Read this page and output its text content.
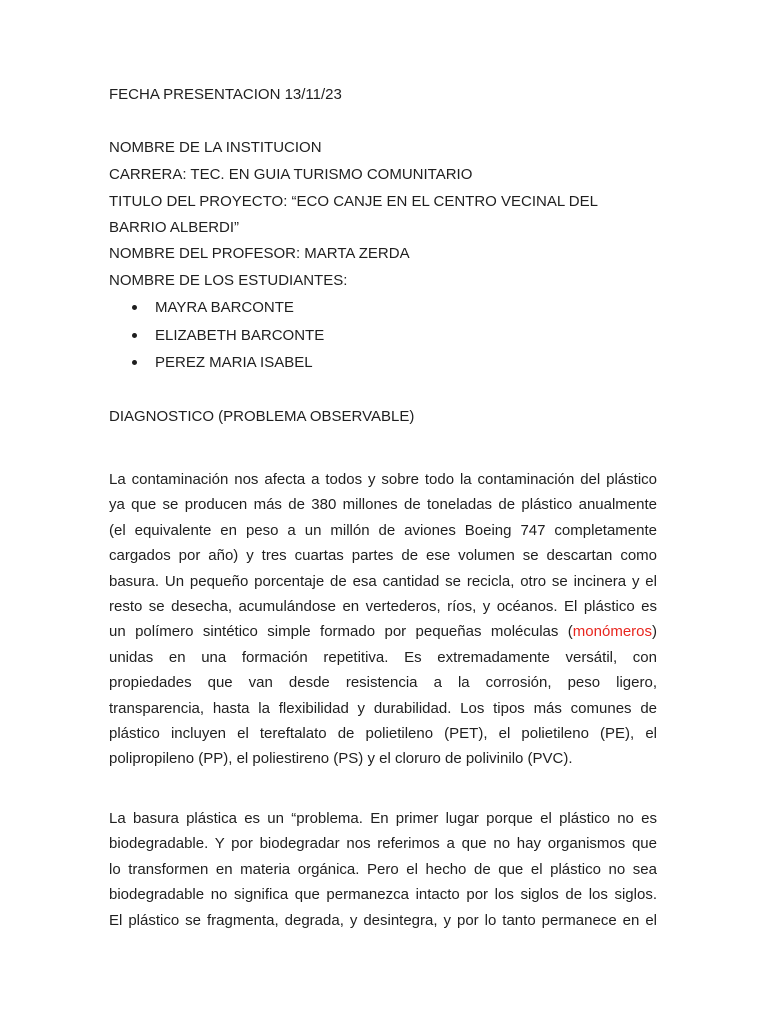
FECHA PRESENTACION 13/11/23

NOMBRE DE LA INSTITUCION

CARRERA: TEC. EN GUIA TURISMO COMUNITARIO

TITULO DEL PROYECTO: “ECO CANJE EN EL CENTRO VECINAL DEL

BARRIO ALBERDI”

NOMBRE DEL PROFESOR: MARTA ZERDA

NOMBRE DE LOS ESTUDIANTES:

MAYRA BARCONTE
ELIZABETH BARCONTE
PEREZ MARIA ISABEL

DIAGNOSTICO (PROBLEMA OBSERVABLE)

La contaminación nos afecta a todos y sobre todo la contaminación del plástico
ya que se producen más de 380 millones de toneladas de plástico anualmente
(el equivalente en peso a un millón de aviones Boeing 747 completamente
cargados por año) y tres cuartas partes de ese volumen se descartan como
basura. Un pequeño porcentaje de esa cantidad se recicla, otro se incinera y el
resto se desecha, acumulándose en vertederos, ríos, y océanos. El plástico es
un polímero sintético simple formado por pequeñas moléculas (monómeros)
unidas en una formación repetitiva. Es extremadamente versátil, con
propiedades que van desde resistencia a la corrosión, peso ligero,
transparencia, hasta la flexibilidad y durabilidad. Los tipos más comunes de
plástico incluyen el tereftalato de polietileno (PET), el polietileno (PE), el
polipropileno (PP), el poliestireno (PS) y el cloruro de polivinilo (PVC).
La basura plástica es un “problema. En primer lugar porque el plástico no es
biodegradable. Y por biodegradar nos referimos a que no hay organismos que
lo transformen en materia orgánica. Pero el hecho de que el plástico no sea
biodegradable no significa que permanezca intacto por los siglos de los siglos.
El plástico se fragmenta, degrada, y desintegra, y por lo tanto permanece en el
